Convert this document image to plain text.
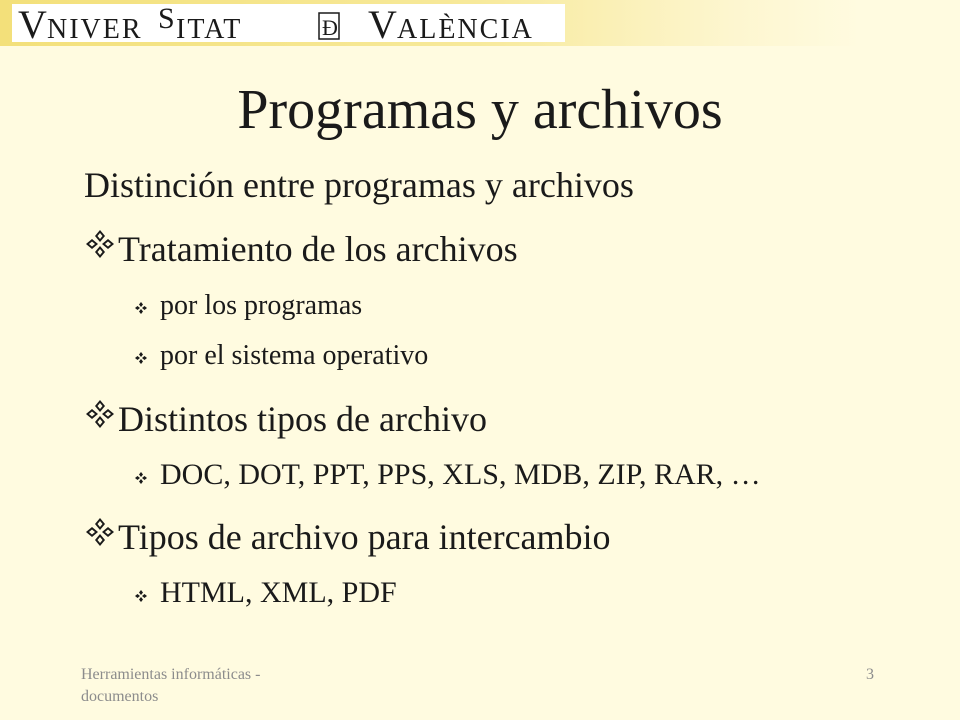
V NIVER S ITAT	Ð V ALÈNCIA
Programas y archivos
Distinción entre programas y archivos
Tratamiento de los archivos
por los programas
por el sistema operativo
Distintos tipos de archivo
DOC, DOT, PPT, PPS, XLS, MDB, ZIP, RAR, …
Tipos de archivo para intercambio
HTML, XML, PDF
Herramientas informáticas - documentos
3
